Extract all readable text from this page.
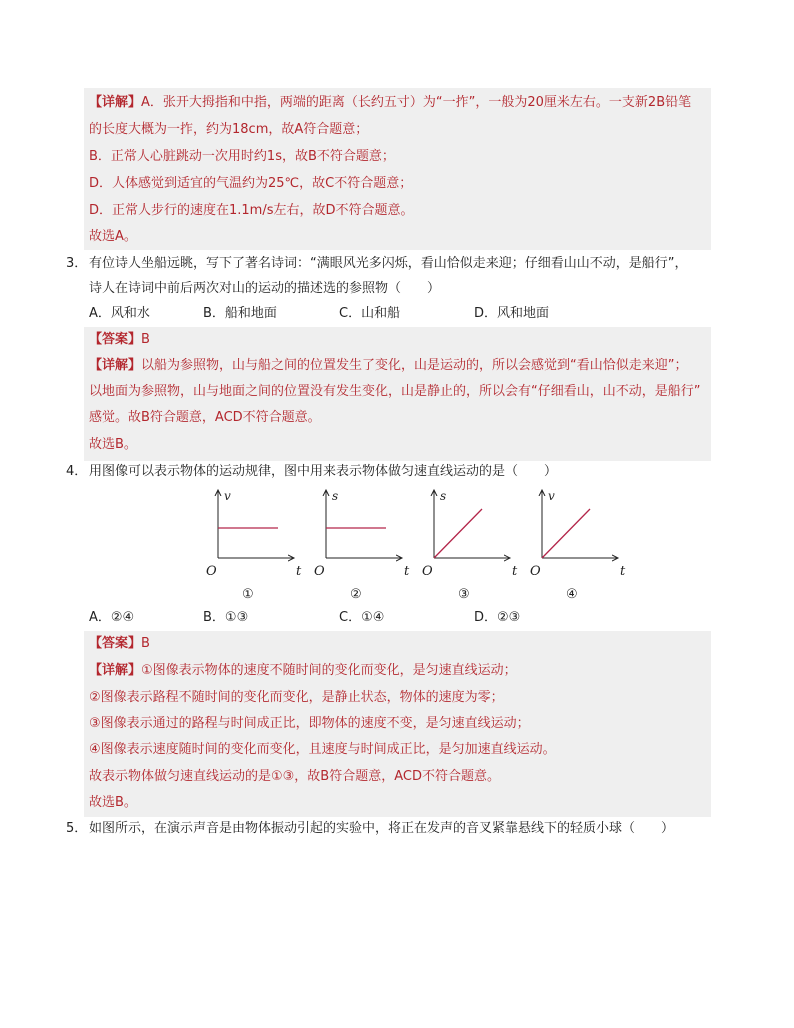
【详解】A．张开大拇指和中指，两端的距离（长约五寸）为“一拃”，一般为20厘米左右。一支新2B铅笔
的长度大概为一拃，约为18cm，故A符合题意；
B．正常人心脏跳动一次用时约1s，故B不符合题意；
D．人体感觉到适宜的气温约为25℃，故C不符合题意；
D．正常人步行的速度在1.1m/s左右，故D不符合题意。
故选A。
3． 有位诗人坐船远眺，写下了著名诗词：“满眼风光多闪烁，看山恰似走来迎；仔细看山山不动，是船行”，
诗人在诗词中前后两次对山的运动的描述选的参照物（　　）
A．风和水	B．船和地面	C．山和船	D．风和地面
【答案】B
【详解】以船为参照物，山与船之间的位置发生了变化，山是运动的，所以会感觉到“看山恰似走来迎”；
以地面为参照物，山与地面之间的位置没有发生变化，山是静止的，所以会有“仔细看山，山不动，是船行”
感觉。故B符合题意，ACD不符合题意。
故选B。
4． 用图像可以表示物体的运动规律，图中用来表示物体做匀速直线运动的是（　　）
v
t
O
①
s
t
O
②
s
t
O
③
v
t
O
④
A．②④	B．①③	C．①④	D．②③
【答案】B
【详解】①图像表示物体的速度不随时间的变化而变化，是匀速直线运动；
②图像表示路程不随时间的变化而变化，是静止状态，物体的速度为零；
③图像表示通过的路程与时间成正比，即物体的速度不变，是匀速直线运动；
④图像表示速度随时间的变化而变化，且速度与时间成正比，是匀加速直线运动。
故表示物体做匀速直线运动的是①③，故B符合题意，ACD不符合题意。
故选B。
5． 如图所示，在演示声音是由物体振动引起的实验中，将正在发声的音叉紧靠悬线下的轻质小球（　　）
